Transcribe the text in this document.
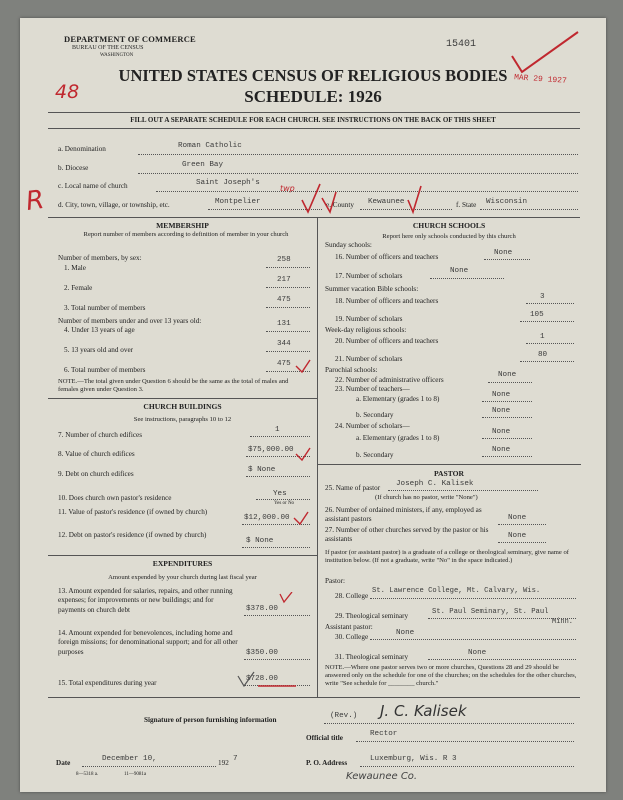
DEPARTMENT OF COMMERCE
BUREAU OF THE CENSUS
WASHINGTON
15401
MAR 29 1927
48
UNITED STATES CENSUS OF RELIGIOUS BODIES
SCHEDULE: 1926
FILL OUT A SEPARATE SCHEDULE FOR EACH CHURCH. SEE INSTRUCTIONS ON THE BACK OF THIS SHEET
a. Denomination	Roman Catholic
b. Diocese	Green Bay
c. Local name of church	Saint Joseph's
d. City, town, village, or township, etc.	Montpelier
twp
e. County Kewaunee	f. State Wisconsin
R
MEMBERSHIP
Report number of members according to definition of member in your church
Number of members, by sex:
1. Male
258
2. Female
217
3. Total number of members
475
Number of members under and over 13 years old:
4. Under 13 years of age
131
5. 13 years old and over
344
6. Total number of members
475
NOTE.—The total given under Question 6 should be the same as the total of males and females given under Question 3.
CHURCH BUILDINGS
See instructions, paragraphs 10 to 12
7. Number of church edifices
1
8. Value of church edifices	$75,000.00
9. Debt on church edifices	$ None
10. Does church own pastor's residence	Yes
Yes or No
11. Value of pastor's residence (if owned by church)
$12,000.00
12. Debt on pastor's residence (if owned by church)
$ None
EXPENDITURES
Amount expended by your church during last fiscal year
13. Amount expended for salaries, repairs, and other running expenses; for improvements or new buildings; and for payments on church debt	$378.00
14. Amount expended for benevolences, including home and foreign missions; for denominational support; and for all other purposes	$350.00
15. Total expenditures during year	$728.00
CHURCH SCHOOLS
Report here only schools conducted by this church
Sunday schools:
16. Number of officers and teachers	None
17. Number of scholars
None
Summer vacation Bible schools:
18. Number of officers and teachers	3
19. Number of scholars	105
Week-day religious schools:
20. Number of officers and teachers	1
21. Number of scholars	80
Parochial schools:
22. Number of administrative officers
None
23. Number of teachers—
a. Elementary (grades 1 to 8)	None
b. Secondary	None
24. Number of scholars—
a. Elementary (grades 1 to 8)
None
b. Secondary
None
PASTOR
25. Name of pastor Joseph C. Kalisek
(If church has no pastor, write "None")
26. Number of ordained ministers, if any, employed as assistant pastors	None
27. Number of other churches served by the pastor or his assistants	None
If pastor (or assistant pastor) is a graduate of a college or theological seminary, give name of institution below. (If not a graduate, write "No" in the space indicated.)
Pastor:
28. College
St. Lawrence College, Mt. Calvary, Wis.
29. Theological seminary	St. Paul Seminary, St. Paul
Minn.
Assistant pastor:
30. College	None
31. Theological seminary	None
NOTE.—Where one pastor serves two or more churches, Questions 28 and 29 should be answered only on the schedule for one of the churches; on the schedules for the other churches, write "See schedule for ________ church."
Signature of person furnishing information	(Rev.) J. C. Kalisek
Official title	Rector
Date	December 10,	192 7	P. O. Address	Luxemburg, Wis. R 3
Kewaunee Co.
8—5318 a.	11—9081a
